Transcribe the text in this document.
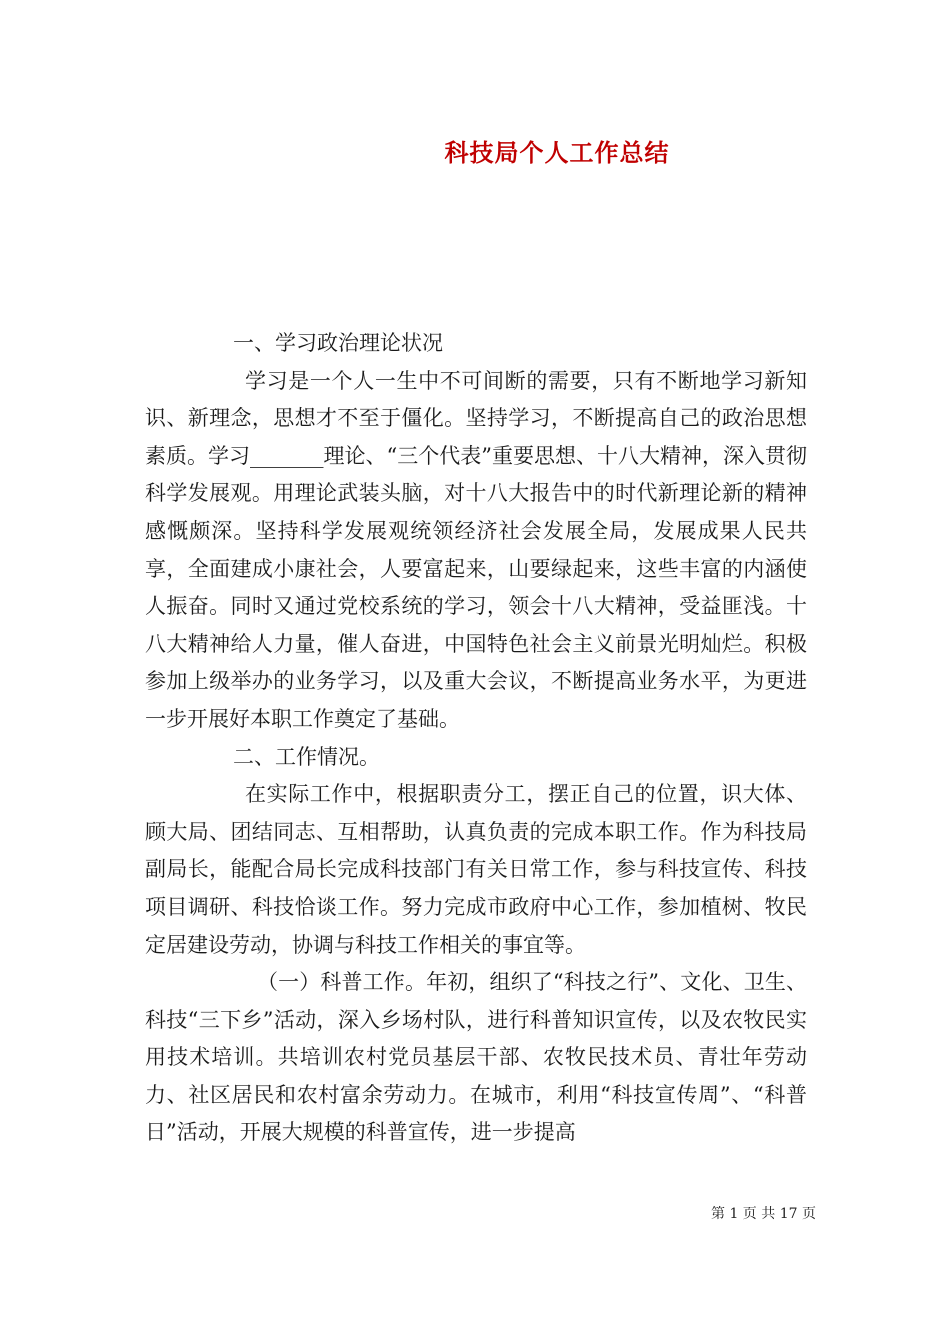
科技局个人工作总结

一、学习政治理论状况

学习是一个人一生中不可间断的需要，只有不断地学习新知识、新理念，思想才不至于僵化。坚持学习，不断提高自己的政治思想素质。学习_______理论、“三个代表”重要思想、十八大精神，深入贯彻科学发展观。用理论武装头脑，对十八大报告中的时代新理论新的精神感慨颇深。坚持科学发展观统领经济社会发展全局，发展成果人民共享，全面建成小康社会，人要富起来，山要绿起来，这些丰富的内涵使人振奋。同时又通过党校系统的学习，领会十八大精神，受益匪浅。十八大精神给人力量，催人奋进，中国特色社会主义前景光明灿烂。积极参加上级举办的业务学习，以及重大会议，不断提高业务水平，为更进一步开展好本职工作奠定了基础。

二、工作情况。

在实际工作中，根据职责分工，摆正自己的位置，识大体、顾大局、团结同志、互相帮助，认真负责的完成本职工作。作为科技局副局长，能配合局长完成科技部门有关日常工作，参与科技宣传、科技项目调研、科技恰谈工作。努力完成市政府中心工作，参加植树、牧民定居建设劳动，协调与科技工作相关的事宜等。

（一）科普工作。年初，组织了“科技之行”、文化、卫生、科技“三下乡”活动，深入乡场村队，进行科普知识宣传，以及农牧民实用技术培训。共培训农村党员基层干部、农牧民技术员、青壮年劳动力、社区居民和农村富余劳动力。在城市，利用“科技宣传周”、“科普日”活动，开展大规模的科普宣传，进一步提高

第 1 页 共 17 页
